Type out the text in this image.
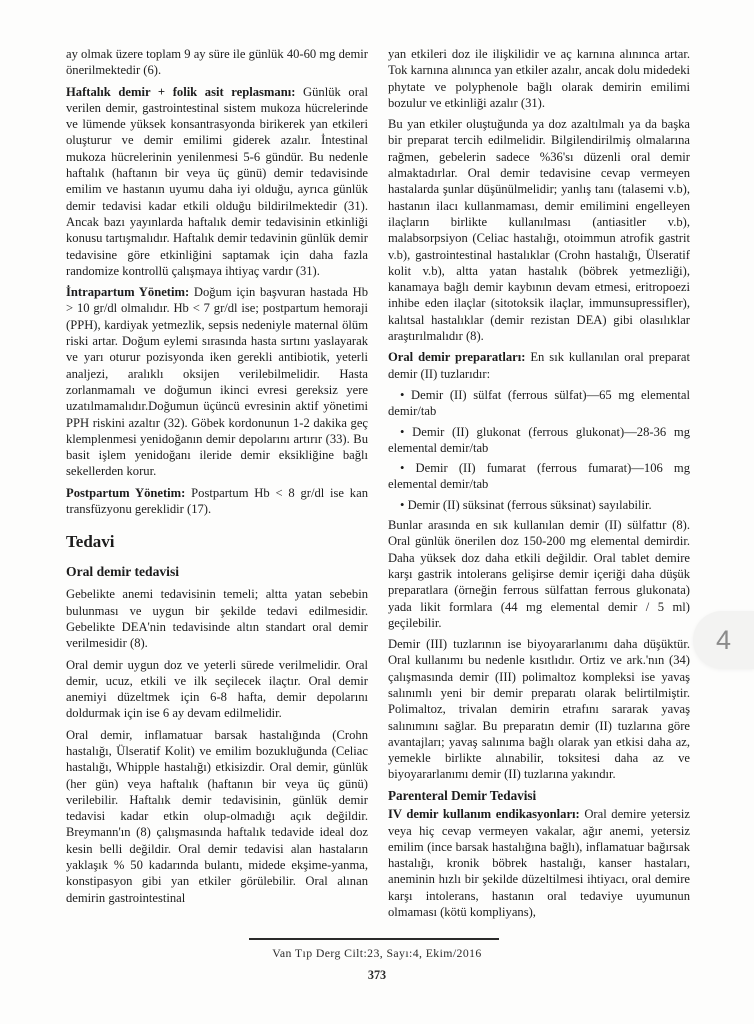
ay olmak üzere toplam 9 ay süre ile günlük 40-60 mg demir önerilmektedir (6).

Haftalık demir + folik asit replasmanı: Günlük oral verilen demir, gastrointestinal sistem mukoza hücrelerinde ve lümende yüksek konsantrasyonda birikerek yan etkileri oluşturur ve demir emilimi giderek azalır. İntestinal mukoza hücrelerinin yenilenmesi 5-6 gündür. Bu nedenle haftalık (haftanın bir veya üç günü) demir tedavisinde emilim ve hastanın uyumu daha iyi olduğu, ayrıca günlük demir tedavisi kadar etkili olduğu bildirilmektedir (31). Ancak bazı yayınlarda haftalık demir tedavisinin etkinliği konusu tartışmalıdır. Haftalık demir tedavinin günlük demir tedavisine göre etkinliğini saptamak için daha fazla randomize kontrollü çalışmaya ihtiyaç vardır (31).

İntrapartum Yönetim: Doğum için başvuran hastada Hb > 10 gr/dl olmalıdır. Hb < 7 gr/dl ise; postpartum hemoraji (PPH), kardiyak yetmezlik, sepsis nedeniyle maternal ölüm riski artar. Doğum eylemi sırasında hasta sırtını yaslayarak ve yarı oturur pozisyonda iken gerekli antibiotik, yeterli analjezi, aralıklı oksijen verilebilmelidir. Hasta zorlanmamalı ve doğumun ikinci evresi gereksiz yere uzatılmamalıdır.Doğumun üçüncü evresinin aktif yönetimi PPH riskini azaltır (32). Göbek kordonunun 1-2 dakika geç klemplenmesi yenidoğanın demir depolarını artırır (33). Bu basit işlem yenidoğanı ileride demir eksikliğine bağlı sekellerden korur.

Postpartum Yönetim: Postpartum Hb < 8 gr/dl ise kan transfüzyonu gereklidir (17).

Tedavi
Oral demir tedavisi

Gebelikte anemi tedavisinin temeli; altta yatan sebebin bulunması ve uygun bir şekilde tedavi edilmesidir. Gebelikte DEA'nin tedavisinde altın standart oral demir verilmesidir (8).

Oral demir uygun doz ve yeterli sürede verilmelidir. Oral demir, ucuz, etkili ve ilk seçilecek ilaçtır. Oral demir anemiyi düzeltmek için 6-8 hafta, demir depolarını doldurmak için ise 6 ay devam edilmelidir.

Oral demir, inflamatuar barsak hastalığında (Crohn hastalığı, Ülseratif Kolit) ve emilim bozukluğunda (Celiac hastalığı, Whipple hastalığı) etkisizdir. Oral demir, günlük (her gün) veya haftalık (haftanın bir veya üç günü) verilebilir. Haftalık demir tedavisinin, günlük demir tedavisi kadar etkin olup-olmadığı açık değildir. Breymann'ın (8) çalışmasında haftalık tedavide ideal doz kesin belli değildir. Oral demir tedavisi alan hastaların yaklaşık % 50 kadarında bulantı, midede ekşime-yanma, konstipasyon gibi yan etkiler görülebilir. Oral alınan demirin gastrointestinal

yan etkileri doz ile ilişkilidir ve aç karnına alınınca artar. Tok karnına alınınca yan etkiler azalır, ancak dolu midedeki phytate ve polyphenole bağlı olarak demirin emilimi bozulur ve etkinliği azalır (31).

Bu yan etkiler oluştuğunda ya doz azaltılmalı ya da başka bir preparat tercih edilmelidir. Bilgilendirilmiş olmalarına rağmen, gebelerin sadece %36'sı düzenli oral demir almaktadırlar. Oral demir tedavisine cevap vermeyen hastalarda şunlar düşünülmelidir; yanlış tanı (talasemi v.b), hastanın ilacı kullanmaması, demir emilimini engelleyen ilaçların birlikte kullanılması (antiasitler v.b), malabsorpsiyon (Celiac hastalığı, otoimmun atrofik gastrit v.b), gastrointestinal hastalıklar (Crohn hastalığı, Ülseratif kolit v.b), altta yatan hastalık (böbrek yetmezliği), kanamaya bağlı demir kaybının devam etmesi, eritropoezi inhibe eden ilaçlar (sitotoksik ilaçlar, immunsupressifler), kalıtsal hastalıklar (demir rezistan DEA) gibi olasılıklar araştırılmalıdır (8).

Oral demir preparatları: En sık kullanılan oral preparat demir (II) tuzlarıdır:

• Demir (II) sülfat (ferrous sülfat)—65 mg elemental demir/tab

• Demir (II) glukonat (ferrous glukonat)—28-36 mg elemental demir/tab

• Demir (II) fumarat (ferrous fumarat)—106 mg elemental demir/tab

• Demir (II) süksinat (ferrous süksinat) sayılabilir.

Bunlar arasında en sık kullanılan demir (II) sülfattır (8). Oral günlük önerilen doz 150-200 mg elemental demirdir. Daha yüksek doz daha etkili değildir. Oral tablet demire karşı gastrik intolerans gelişirse demir içeriği daha düşük preparatlara (örneğin ferrous sülfattan ferrous glukonata) yada likit formlara (44 mg elemental demir / 5 ml) geçilebilir.

Demir (III) tuzlarının ise biyoyararlanımı daha düşüktür. Oral kullanımı bu nedenle kısıtlıdır. Ortiz ve ark.'nın (34) çalışmasında demir (III) polimaltoz kompleksi ise yavaş salınımlı yeni bir demir preparatı olarak belirtilmiştir. Polimaltoz, trivalan demirin etrafını sararak yavaş salınımını sağlar. Bu preparatın demir (II) tuzlarına göre avantajları; yavaş salınıma bağlı olarak yan etkisi daha az, yemekle birlikte alınabilir, toksitesi daha az ve biyoyararlanımı demir (II) tuzlarına yakındır.

Parenteral Demir Tedavisi

IV demir kullanım endikasyonları: Oral demire yetersiz veya hiç cevap vermeyen vakalar, ağır anemi, yetersiz emilim (ince barsak hastalığına bağlı), inflamatuar bağırsak hastalığı, kronik böbrek hastalığı, kanser hastaları, aneminin hızlı bir şekilde düzeltilmesi ihtiyacı, oral demire karşı intolerans, hastanın oral tedaviye uyumunun olmaması (kötü kompliyans),

4
Van Tıp Derg Cilt:23, Sayı:4, Ekim/2016
373
